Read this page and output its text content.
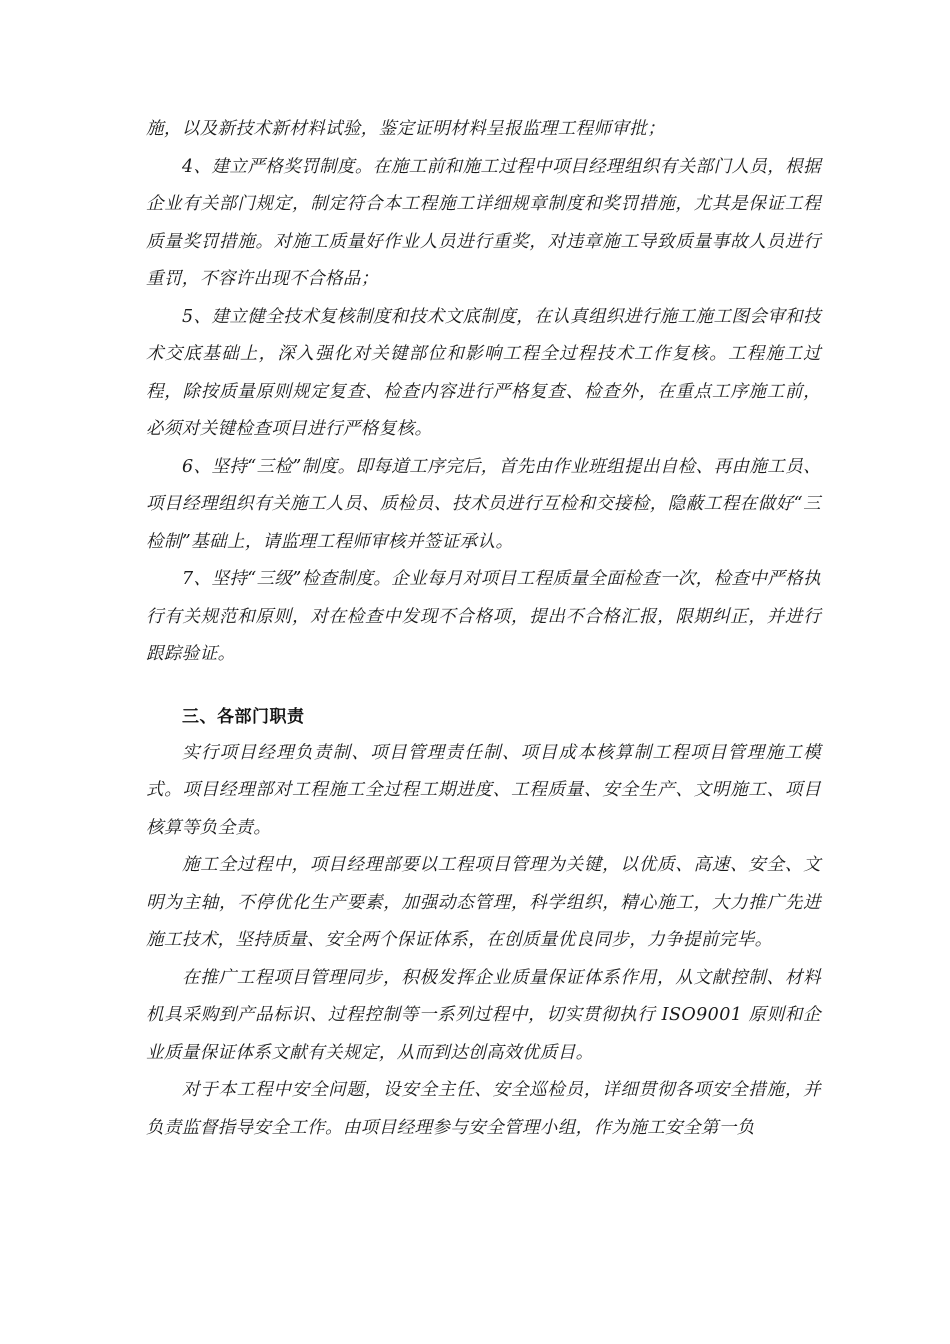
施，以及新技术新材料试验，鉴定证明材料呈报监理工程师审批；

4、建立严格奖罚制度。在施工前和施工过程中项目经理组织有关部门人员，根据企业有关部门规定，制定符合本工程施工详细规章制度和奖罚措施，尤其是保证工程质量奖罚措施。对施工质量好作业人员进行重奖，对违章施工导致质量事故人员进行重罚，不容许出现不合格品；

5、建立健全技术复核制度和技术文底制度，在认真组织进行施工施工图会审和技术交底基础上，深入强化对关键部位和影响工程全过程技术工作复核。工程施工过程，除按质量原则规定复查、检查内容进行严格复查、检查外，在重点工序施工前，必须对关键检查项目进行严格复核。

6、坚持“三检”制度。即每道工序完后，首先由作业班组提出自检、再由施工员、项目经理组织有关施工人员、质检员、技术员进行互检和交接检，隐蔽工程在做好“三检制”基础上，请监理工程师审核并签证承认。

7、坚持“三级”检查制度。企业每月对项目工程质量全面检查一次，检查中严格执行有关规范和原则，对在检查中发现不合格项，提出不合格汇报，限期纠正，并进行跟踪验证。

三、各部门职责

实行项目经理负责制、项目管理责任制、项目成本核算制工程项目管理施工模式。项目经理部对工程施工全过程工期进度、工程质量、安全生产、文明施工、项目核算等负全责。

施工全过程中，项目经理部要以工程项目管理为关键，以优质、高速、安全、文明为主轴，不停优化生产要素，加强动态管理，科学组织，精心施工，大力推广先进施工技术，坚持质量、安全两个保证体系，在创质量优良同步，力争提前完毕。

在推广工程项目管理同步，积极发挥企业质量保证体系作用，从文献控制、材料机具采购到产品标识、过程控制等一系列过程中，切实贯彻执行 ISO9001 原则和企业质量保证体系文献有关规定，从而到达创高效优质目。

对于本工程中安全问题，设安全主任、安全巡检员，详细贯彻各项安全措施，并负责监督指导安全工作。由项目经理参与安全管理小组，作为施工安全第一负
